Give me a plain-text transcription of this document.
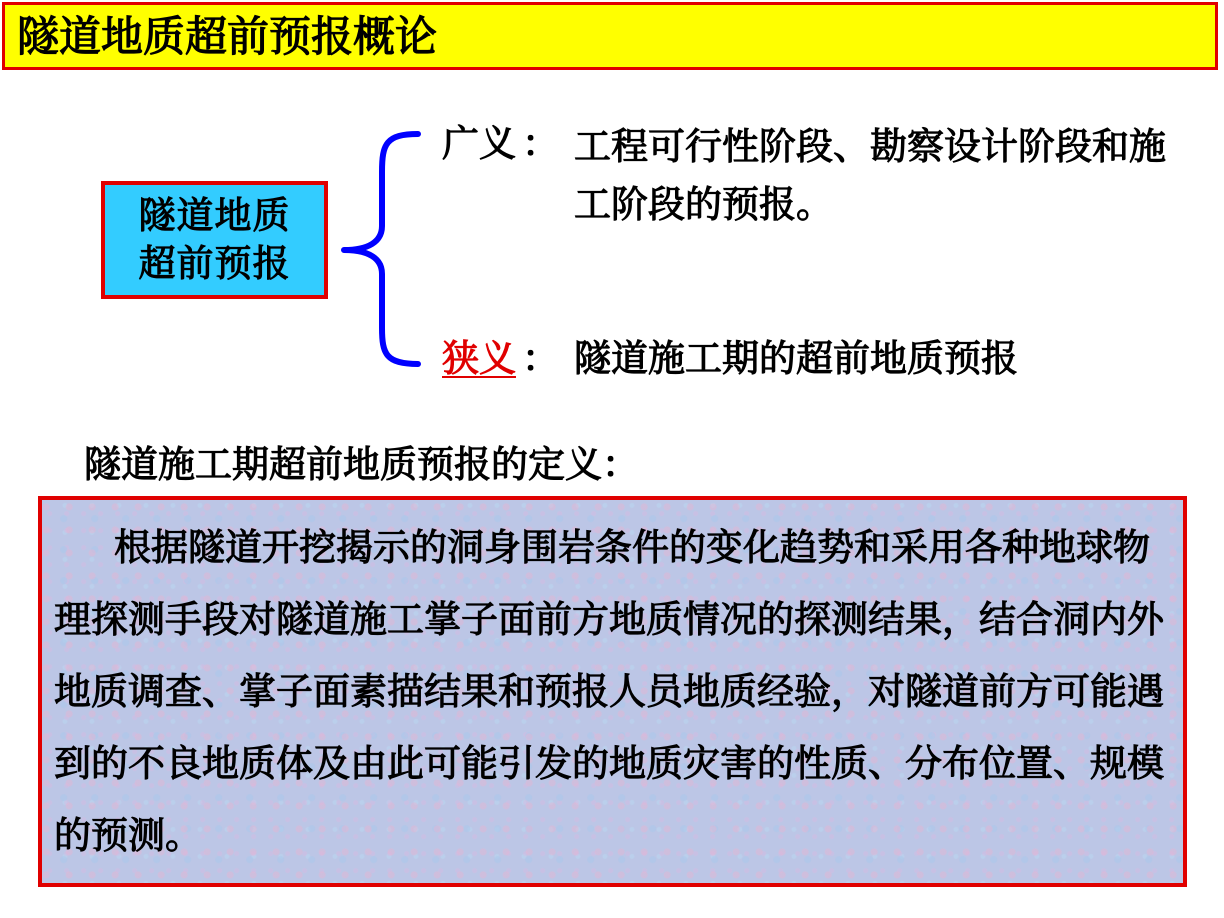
隧道地质超前预报概论
隧道地质超前预报
广义 ： 工程可行性阶段、勘察设计阶段和施工阶段的预报。
狭义 ： 隧道施工期的超前地质预报
隧道施工期超前地质预报的定义：
根据隧道开挖揭示的洞身围岩条件的变化趋势和采用各种地球物理探测手段对隧道施工掌子面前方地质情况的探测结果，结合洞内外地质调查、掌子面素描结果和预报人员地质经验，对隧道前方可能遇到的不良地质体及由此可能引发的地质灾害的性质、分布位置、规模的预测。
